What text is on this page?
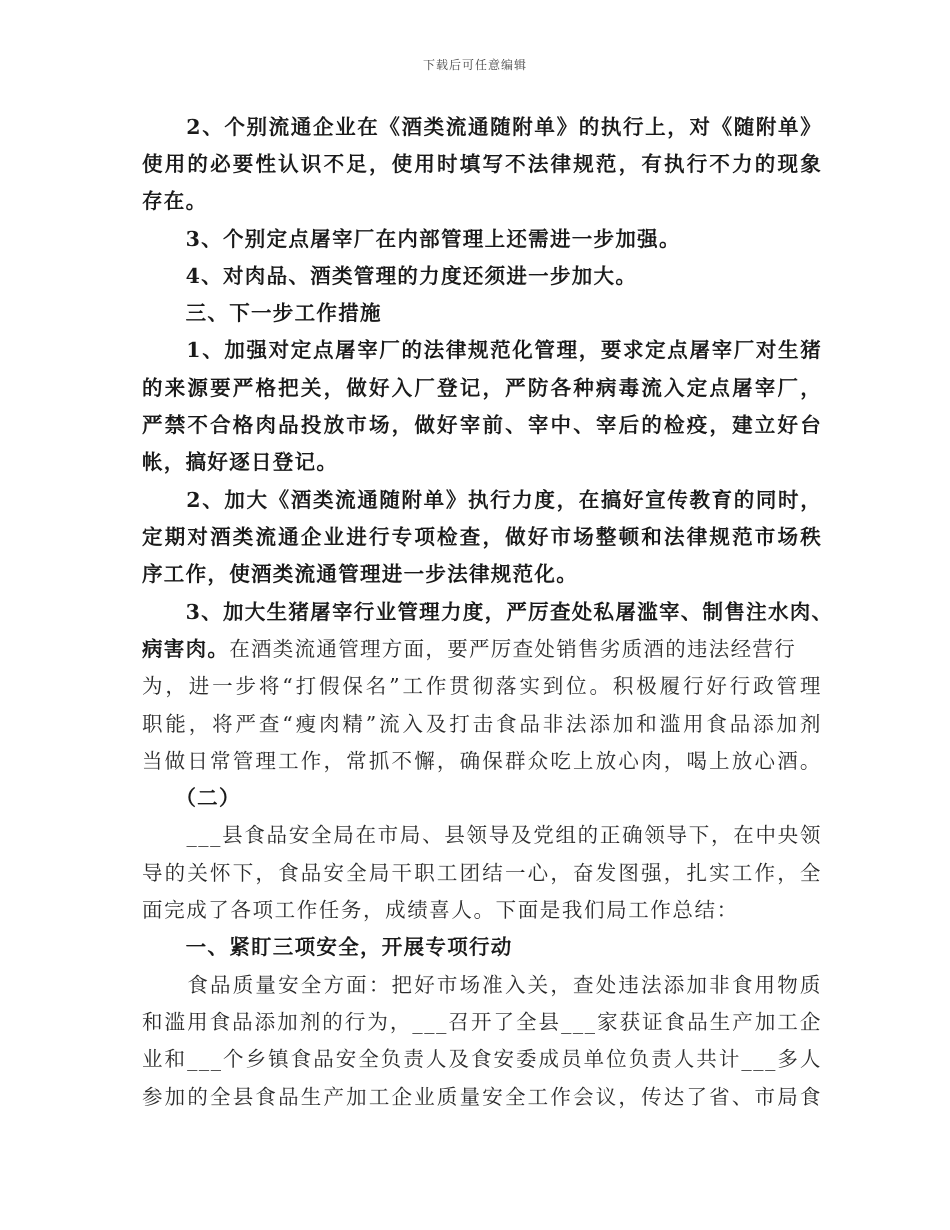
下载后可任意编辑
　　2、个别流通企业在《酒类流通随附单》的执行上，对《随附单》
使用的必要性认识不足，使用时填写不法律规范，有执行不力的现象
存在。
　　3、个别定点屠宰厂在内部管理上还需进一步加强。
　　4、对肉品、酒类管理的力度还须进一步加大。
　　三、下一步工作措施
　　1、加强对定点屠宰厂的法律规范化管理，要求定点屠宰厂对生猪
的来源要严格把关，做好入厂登记，严防各种病毒流入定点屠宰厂，
严禁不合格肉品投放市场，做好宰前、宰中、宰后的检疫，建立好台
帐，搞好逐日登记。
　　2、加大《酒类流通随附单》执行力度，在搞好宣传教育的同时，
定期对酒类流通企业进行专项检查，做好市场整顿和法律规范市场秩
序工作，使酒类流通管理进一步法律规范化。
　　3、加大生猪屠宰行业管理力度，严厉查处私屠滥宰、制售注水肉、
病害肉。在酒类流通管理方面，要严厉查处销售劣质酒的违法经营行
为，进一步将“打假保名”工作贯彻落实到位。积极履行好行政管理
职能，将严查“瘦肉精”流入及打击食品非法添加和滥用食品添加剂
当做日常管理工作，常抓不懈，确保群众吃上放心肉，喝上放心酒。
　　（二）
　　___县食品安全局在市局、县领导及党组的正确领导下，在中央领
导的关怀下，食品安全局干职工团结一心，奋发图强，扎实工作，全
面完成了各项工作任务，成绩喜人。下面是我们局工作总结：
　　一、紧盯三项安全，开展专项行动
　　食品质量安全方面：把好市场准入关，查处违法添加非食用物质
和滥用食品添加剂的行为，___召开了全县___家获证食品生产加工企
业和___个乡镇食品安全负责人及食安委成员单位负责人共计___多人
参加的全县食品生产加工企业质量安全工作会议，传达了省、市局食
